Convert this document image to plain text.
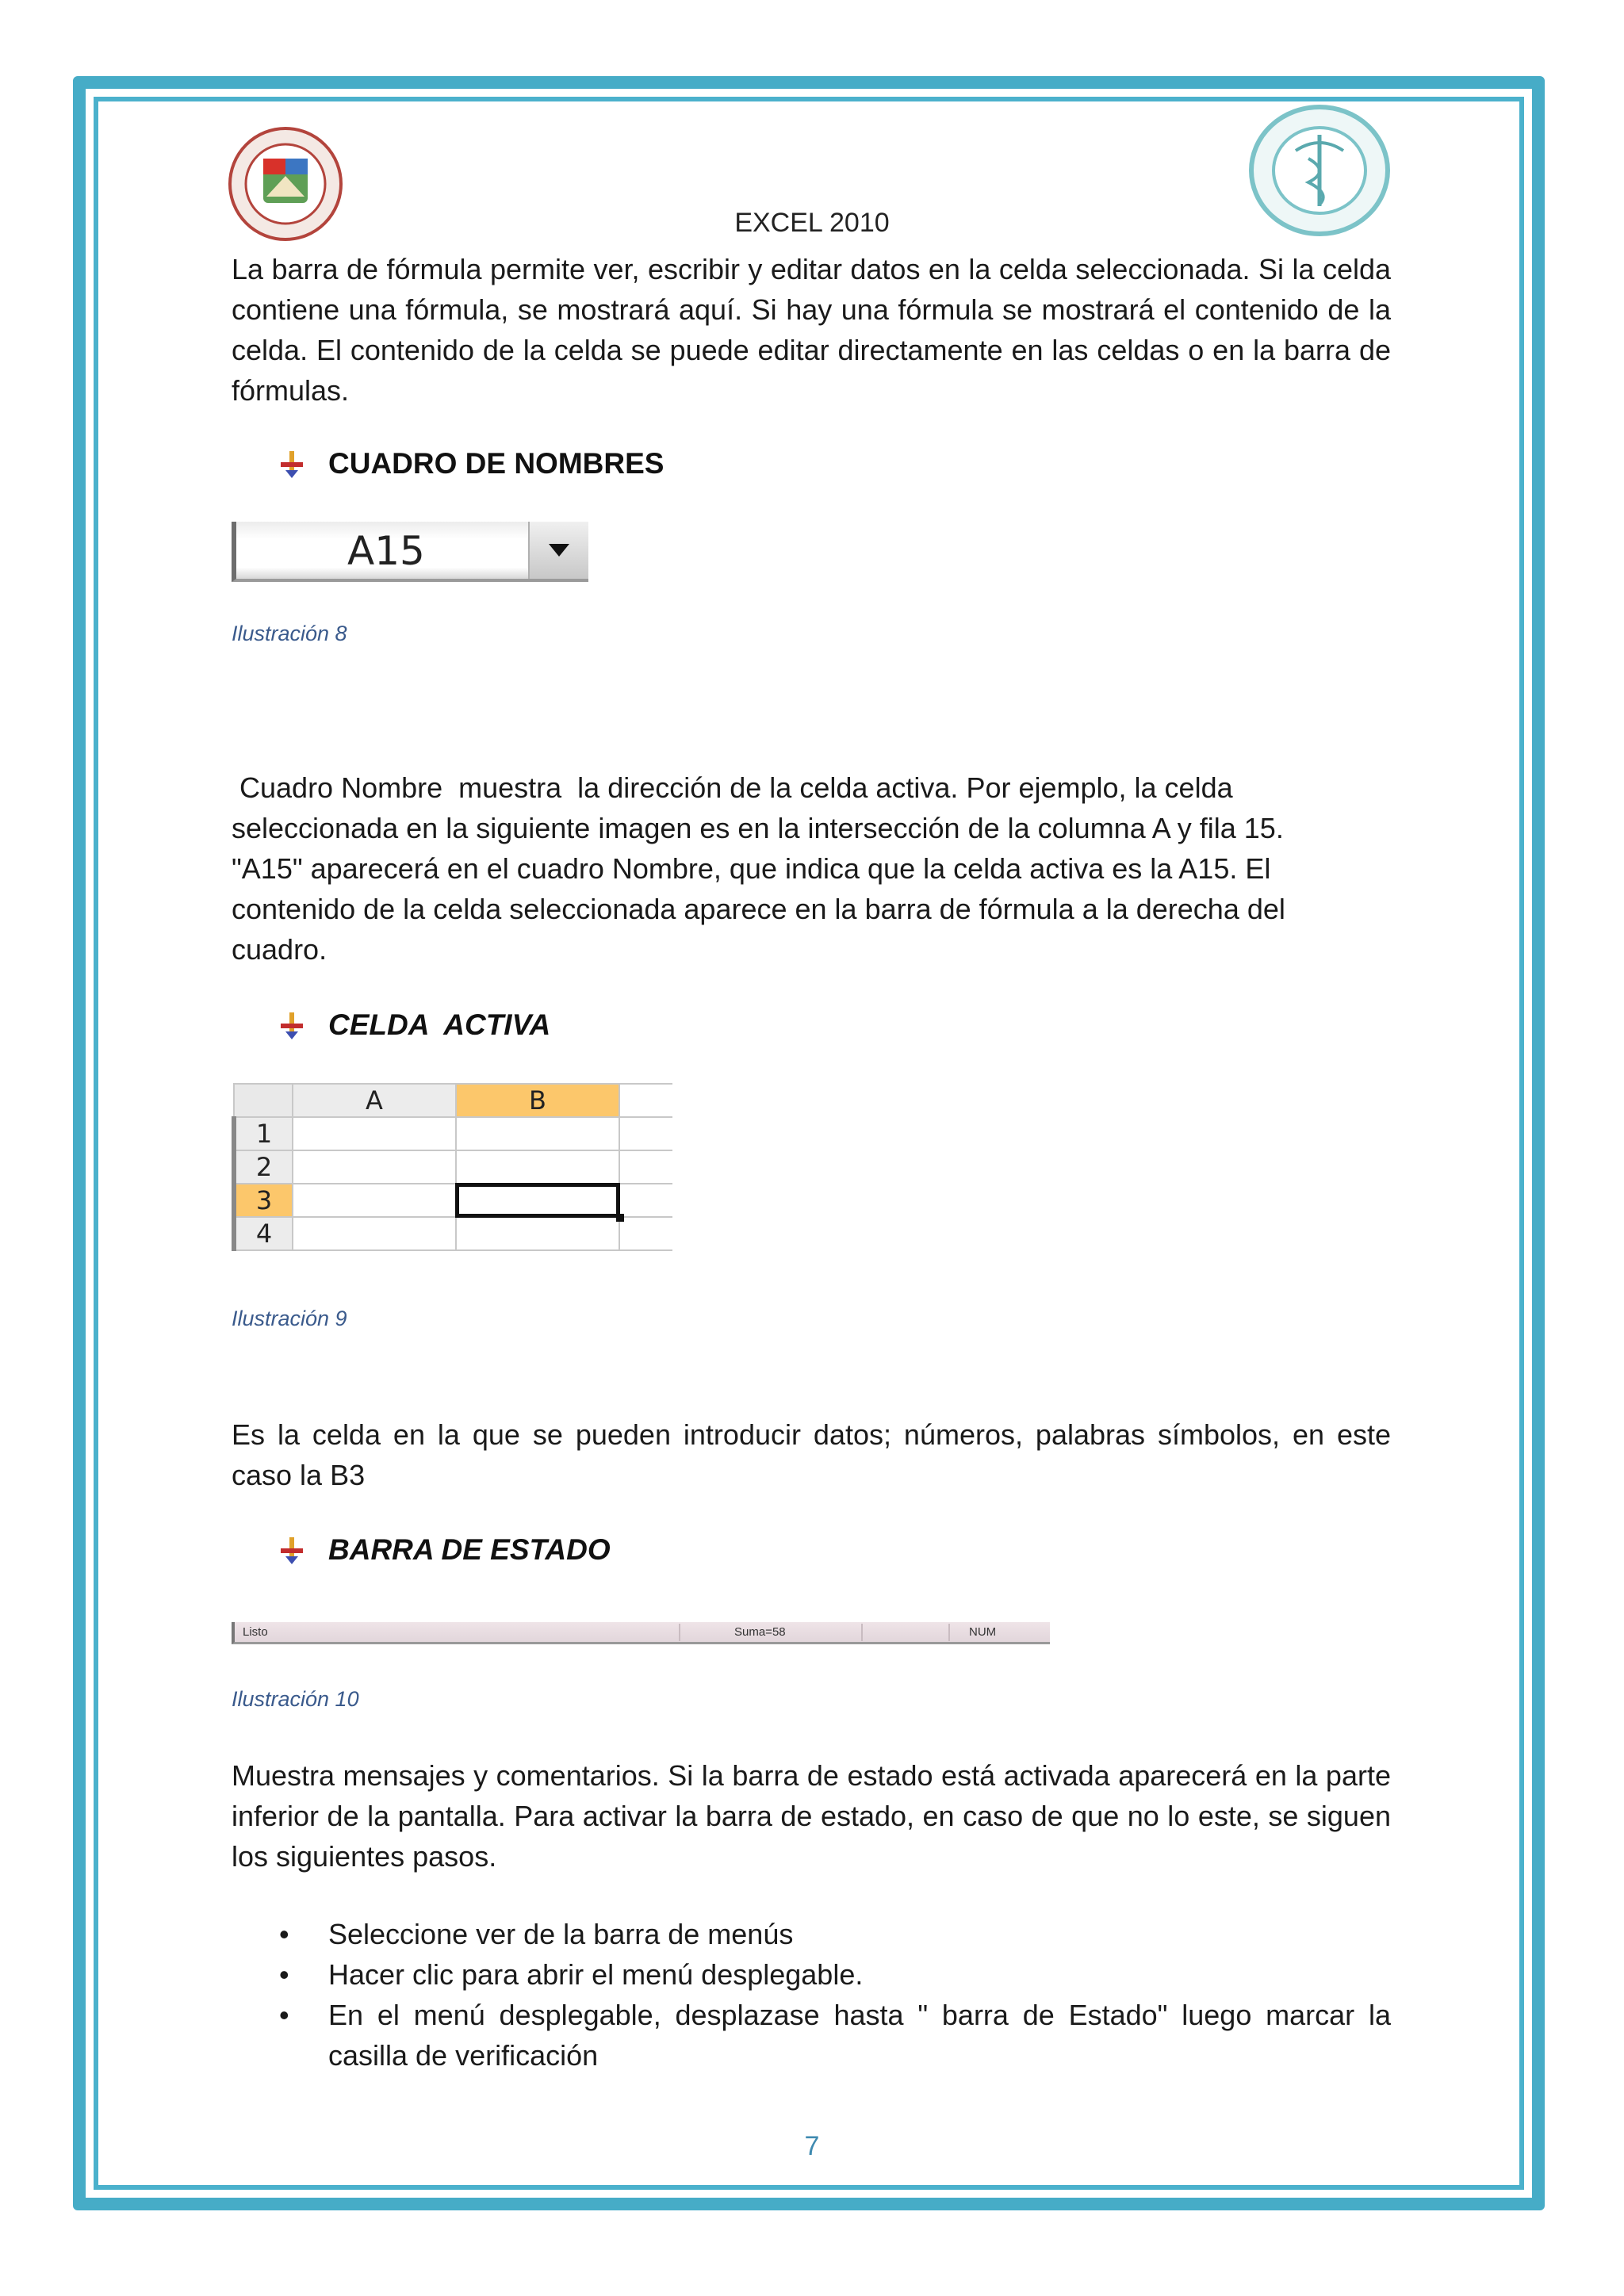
EXCEL 2010

La barra de fórmula permite ver, escribir y editar datos en la celda seleccionada. Si la celda contiene una fórmula, se mostrará aquí. Si hay una fórmula se mostrará el contenido de la celda. El contenido de la celda se puede editar directamente en las celdas o en la barra de fórmulas.

CUADRO DE NOMBRES
A15
Ilustración 8

Cuadro Nombre  muestra  la dirección de la celda activa. Por ejemplo, la celda

seleccionada en la siguiente imagen es en la intersección de la columna A y fila 15.

"A15" aparecerá en el cuadro Nombre, que indica que la celda activa es la A15. El

contenido de la celda seleccionada aparece en la barra de fórmula a la derecha del

cuadro.

CELDA  ACTIVA
	A	B	
1			
2			
3		

4			
Ilustración 9

Es la celda en la que se pueden introducir datos; números, palabras símbolos, en este caso la B3

BARRA DE ESTADO
Listo	Suma=58	NUM
Ilustración 10

Muestra mensajes y comentarios. Si la barra de estado está activada aparecerá en la parte inferior de la pantalla. Para activar la barra de estado, en caso de que no lo este, se siguen los siguientes pasos.

• Seleccione ver de la barra de menús
• Hacer clic para abrir el menú desplegable.
• En el menú desplegable, desplazase hasta " barra de Estado" luego marcar la casilla de verificación
7
